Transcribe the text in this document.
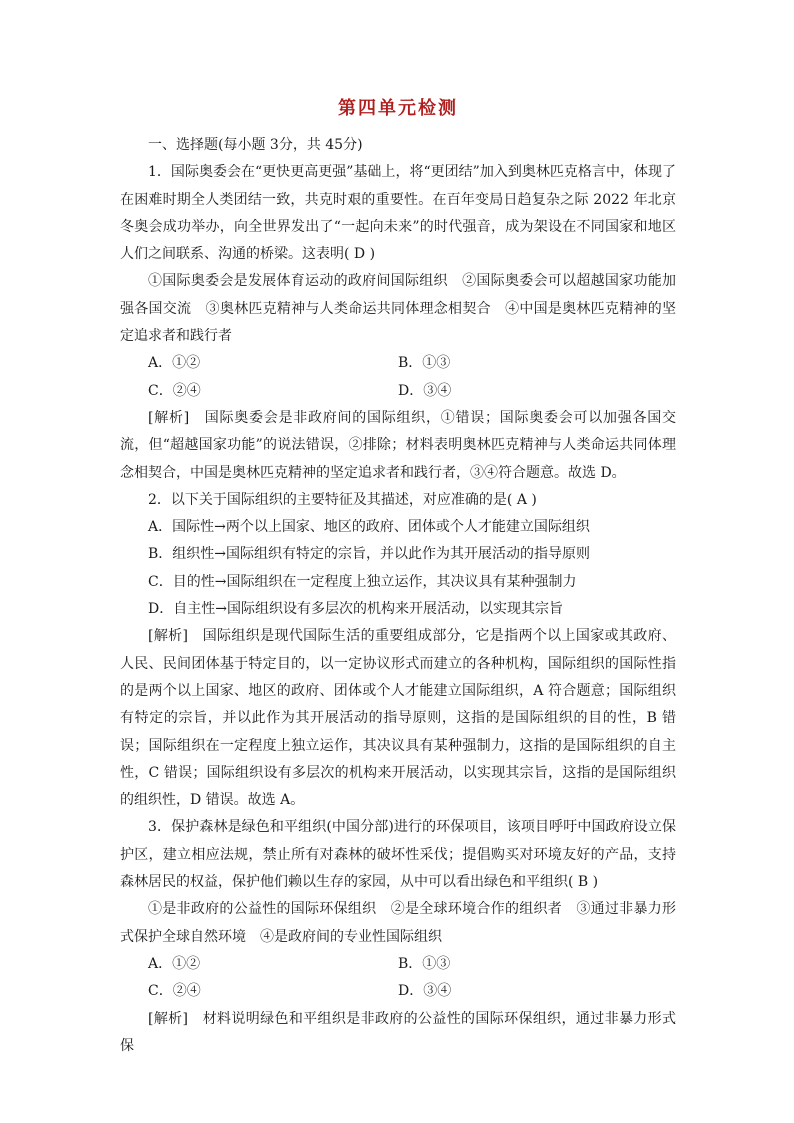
第四单元检测

一、选择题(每小题 3分，共 45分)

1．国际奥委会在“更快更高更强”基础上，将“更团结”加入到奥林匹克格言中，体现了在困难时期全人类团结一致，共克时艰的重要性。在百年变局日趋复杂之际 2022 年北京冬奥会成功举办，向全世界发出了“一起向未来”的时代强音，成为架设在不同国家和地区人们之间联系、沟通的桥梁。这表明( D )

①国际奥委会是发展体育运动的政府间国际组织　②国际奥委会可以超越国家功能加强各国交流　③奥林匹克精神与人类命运共同体理念相契合　④中国是奥林匹克精神的坚定追求者和践行者

A．①②	B．①③
C．②④	D．③④

[解析]　 国际奥委会是非政府间的国际组织，①错误；国际奥委会可以加强各国交流，但“超越国家功能”的说法错误，②排除；材料表明奥林匹克精神与人类命运共同体理念相契合，中国是奥林匹克精神的坚定追求者和践行者，③④符合题意。故选 D。

2．以下关于国际组织的主要特征及其描述，对应准确的是( A )

A．国际性→两个以上国家、地区的政府、团体或个人才能建立国际组织

B．组织性→国际组织有特定的宗旨，并以此作为其开展活动的指导原则

C．目的性→国际组织在一定程度上独立运作，其决议具有某种强制力

D．自主性→国际组织设有多层次的机构来开展活动，以实现其宗旨

[解析]　 国际组织是现代国际生活的重要组成部分，它是指两个以上国家或其政府、人民、民间团体基于特定目的，以一定协议形式而建立的各种机构，国际组织的国际性指的是两个以上国家、地区的政府、团体或个人才能建立国际组织，A 符合题意；国际组织有特定的宗旨，并以此作为其开展活动的指导原则，这指的是国际组织的目的性，B 错误；国际组织在一定程度上独立运作，其决议具有某种强制力，这指的是国际组织的自主性，C 错误；国际组织设有多层次的机构来开展活动，以实现其宗旨，这指的是国际组织的组织性，D 错误。故选 A。

3．保护森林是绿色和平组织(中国分部)进行的环保项目，该项目呼吁中国政府设立保护区，建立相应法规，禁止所有对森林的破坏性采伐；提倡购买对环境友好的产品，支持森林居民的权益，保护他们赖以生存的家园，从中可以看出绿色和平组织( B )

①是非政府的公益性的国际环保组织　②是全球环境合作的组织者　③通过非暴力形式保护全球自然环境　④是政府间的专业性国际组织

A．①②	B．①③
C．②④	D．③④

[解析]　 材料说明绿色和平组织是非政府的公益性的国际环保组织，通过非暴力形式保
